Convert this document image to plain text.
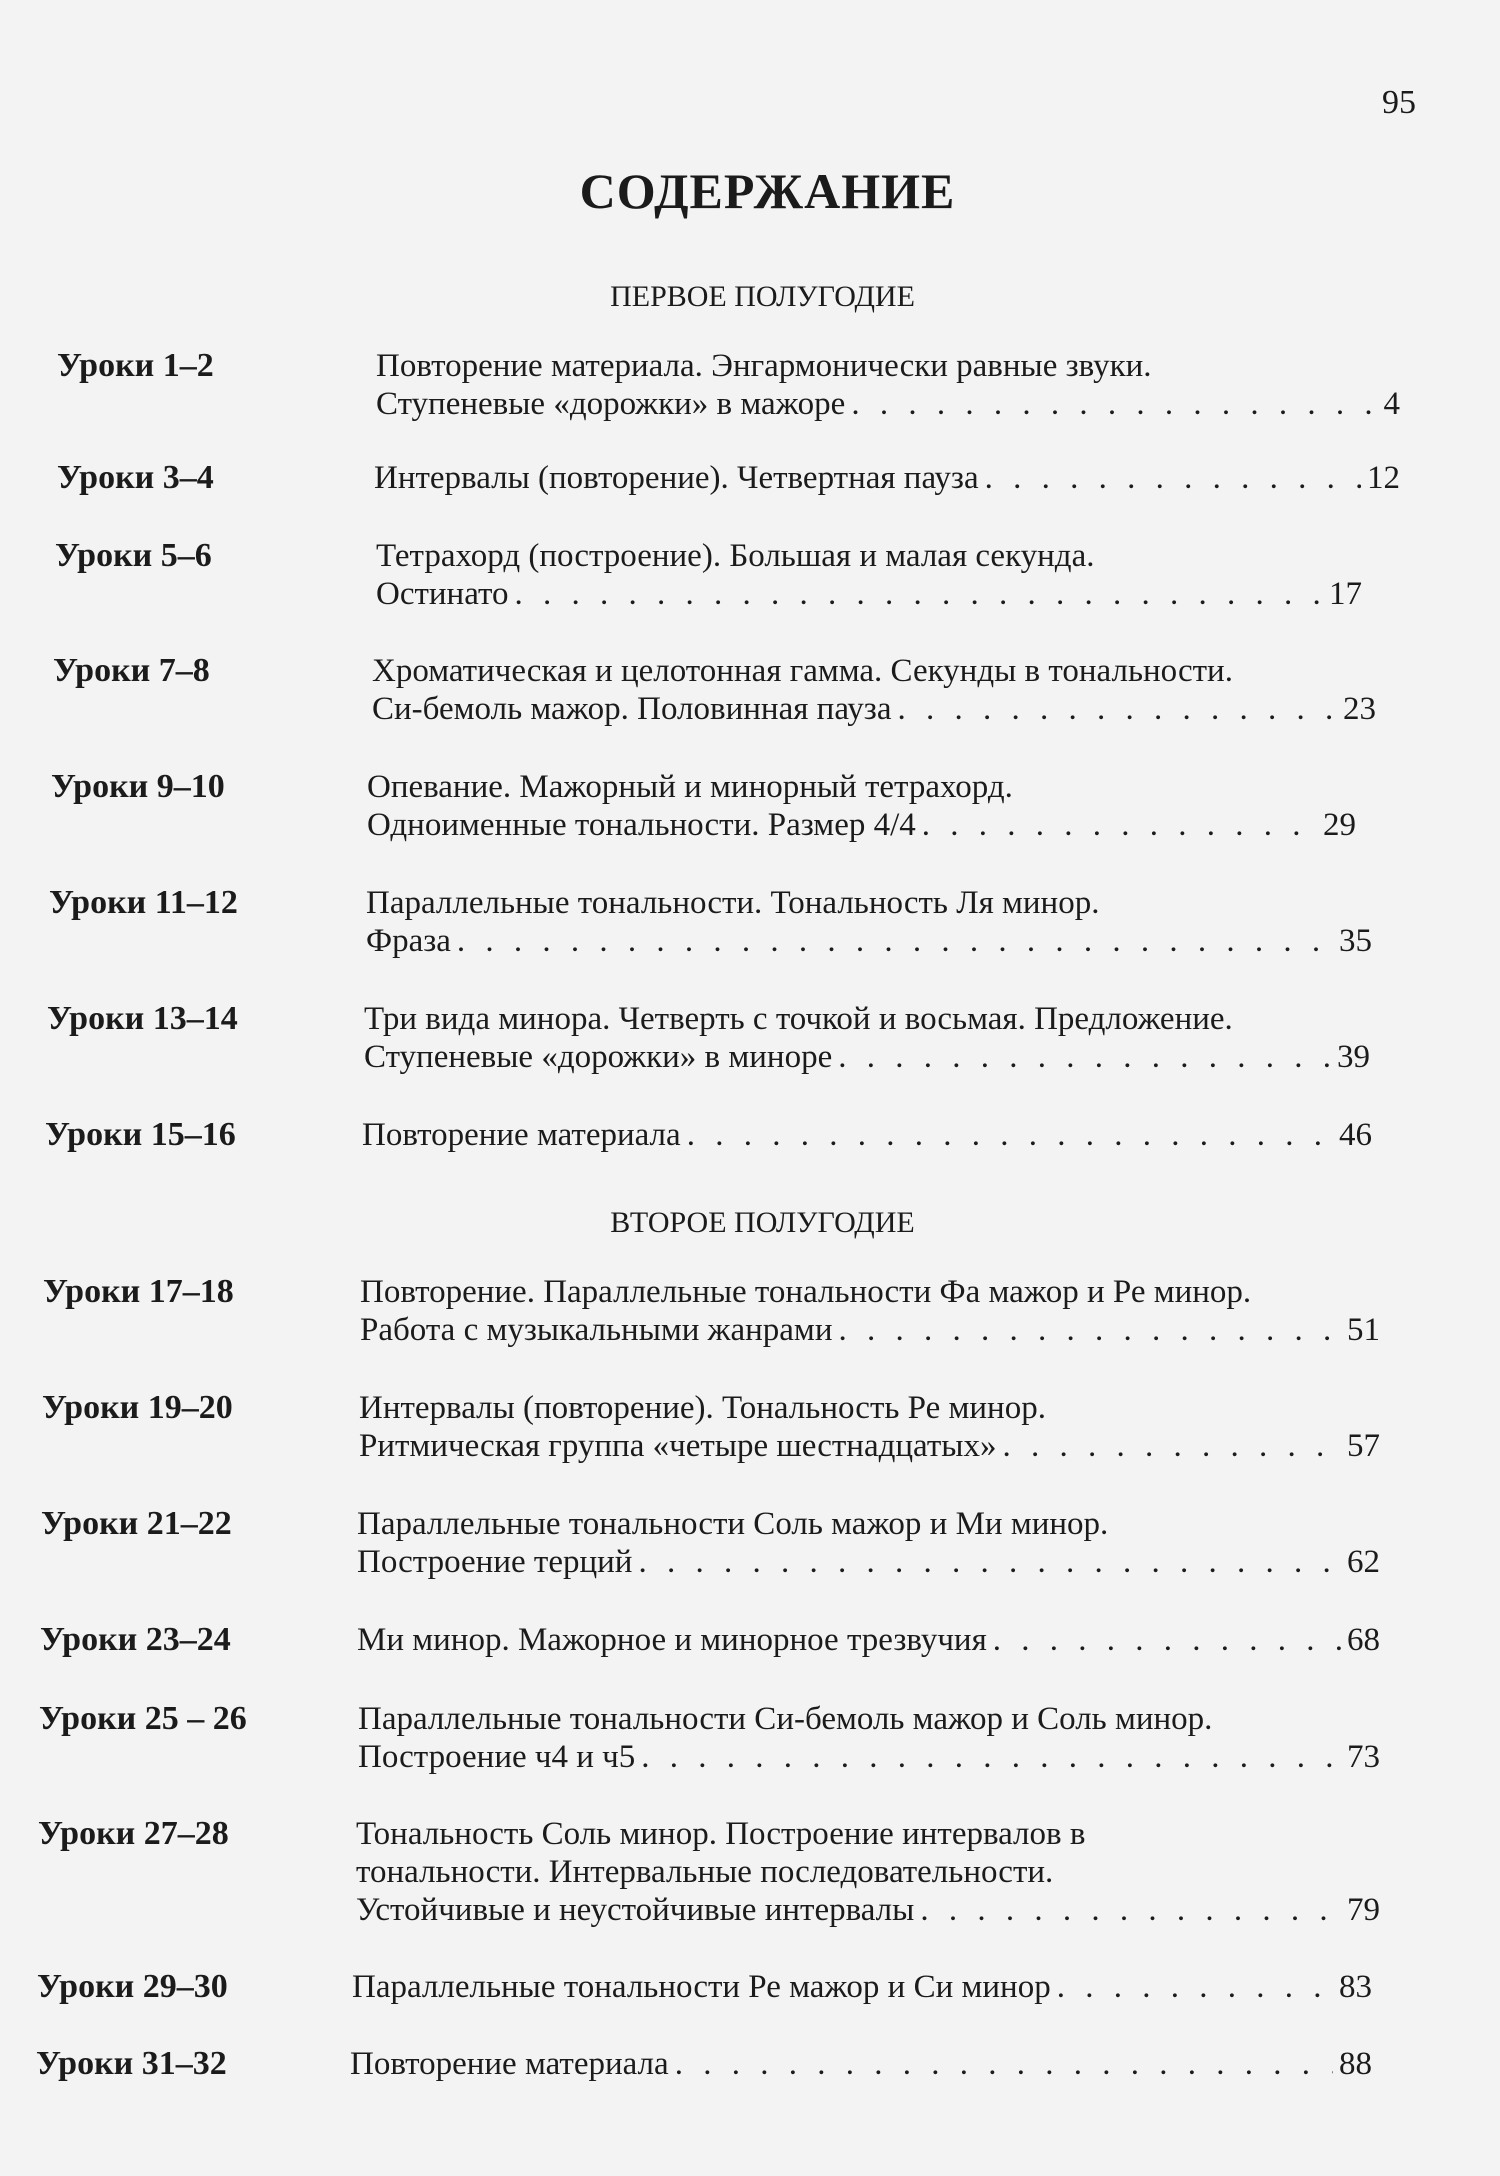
95
СОДЕРЖАНИЕ
ПЕРВОЕ ПОЛУГОДИЕ
Уроки 1–2	Повторение материала. Энгармонически равные звуки.
Ступеневые «дорожки» в мажоре . . .	4
Уроки 3–4	Интервалы (повторение). Четвертная пауза . . .	12
Уроки 5–6	Тетрахорд (построение). Большая и малая секунда.
Остинато . . .	17
Уроки 7–8	Хроматическая и целотонная гамма. Секунды в тональности.
Си-бемоль мажор. Половинная пауза . . .	23
Уроки 9–10	Опевание. Мажорный и минорный тетрахорд.
Одноименные тональности. Размер 4/4 . . .	29
Уроки 11–12	Параллельные тональности. Тональность Ля минор.
Фраза . . .	35
Уроки 13–14	Три вида минора. Четверть с точкой и восьмая. Предложение.
Ступеневые «дорожки» в миноре . . .	39
Уроки 15–16	Повторение материала . . .	46
ВТОРОЕ ПОЛУГОДИЕ
Уроки 17–18	Повторение. Параллельные тональности Фа мажор и Ре минор.
Работа с музыкальными жанрами . . .	51
Уроки 19–20	Интервалы (повторение). Тональность Ре минор.
Ритмическая группа «четыре шестнадцатых» . . .	57
Уроки 21–22	Параллельные тональности Соль мажор и Ми минор.
Построение терций . . .	62
Уроки 23–24	Ми минор. Мажорное и минорное трезвучия . . .	68
Уроки 25 – 26	Параллельные тональности Си-бемоль мажор и Соль минор.
Построение ч4 и ч5 . . .	73
Уроки 27–28	Тональность Соль минор. Построение интервалов в
тональности. Интервальные последовательности.
Устойчивые и неустойчивые интервалы . . .	79
Уроки 29–30	Параллельные тональности Ре мажор и Си минор . . .	83
Уроки 31–32	Повторение материала . . .	88
